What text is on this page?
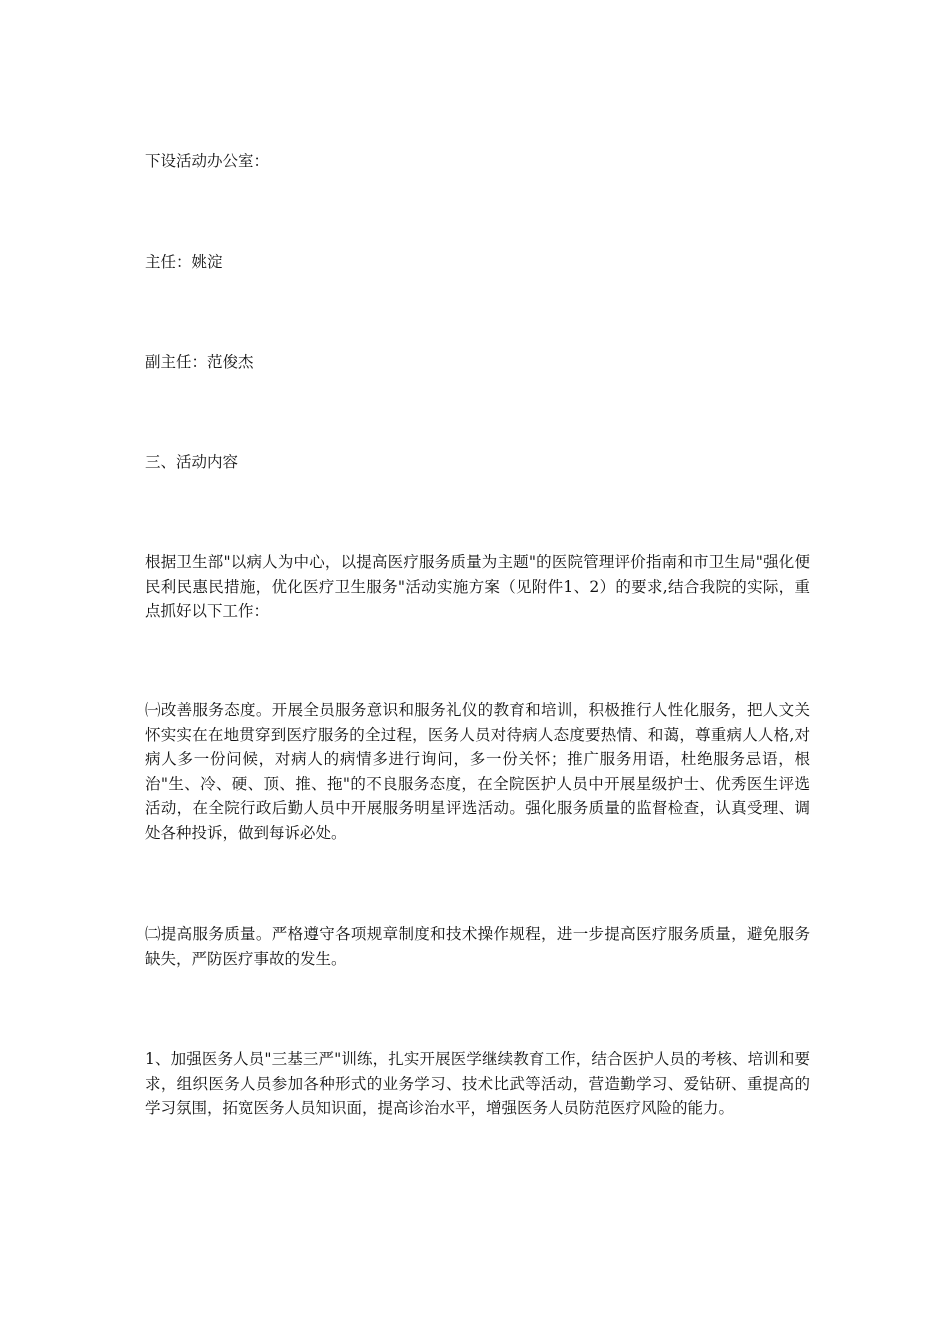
下设活动办公室：

主任：姚淀

副主任：范俊杰

三、活动内容

根据卫生部"以病人为中心，以提高医疗服务质量为主题"的医院管理评价指南和市卫生局"强化便民利民惠民措施，优化医疗卫生服务"活动实施方案（见附件1、2）的要求,结合我院的实际，重点抓好以下工作：

㈠改善服务态度。开展全员服务意识和服务礼仪的教育和培训，积极推行人性化服务，把人文关怀实实在在地贯穿到医疗服务的全过程，医务人员对待病人态度要热情、和蔼，尊重病人人格,对病人多一份问候，对病人的病情多进行询问，多一份关怀；推广服务用语，杜绝服务忌语，根治"生、冷、硬、顶、推、拖"的不良服务态度，在全院医护人员中开展星级护士、优秀医生评选活动，在全院行政后勤人员中开展服务明星评选活动。强化服务质量的监督检查，认真受理、调处各种投诉，做到每诉必处。

㈡提高服务质量。严格遵守各项规章制度和技术操作规程，进一步提高医疗服务质量，避免服务缺失，严防医疗事故的发生。

1、加强医务人员"三基三严"训练，扎实开展医学继续教育工作，结合医护人员的考核、培训和要求，组织医务人员参加各种形式的业务学习、技术比武等活动，营造勤学习、爱钻研、重提高的学习氛围，拓宽医务人员知识面，提高诊治水平，增强医务人员防范医疗风险的能力。
